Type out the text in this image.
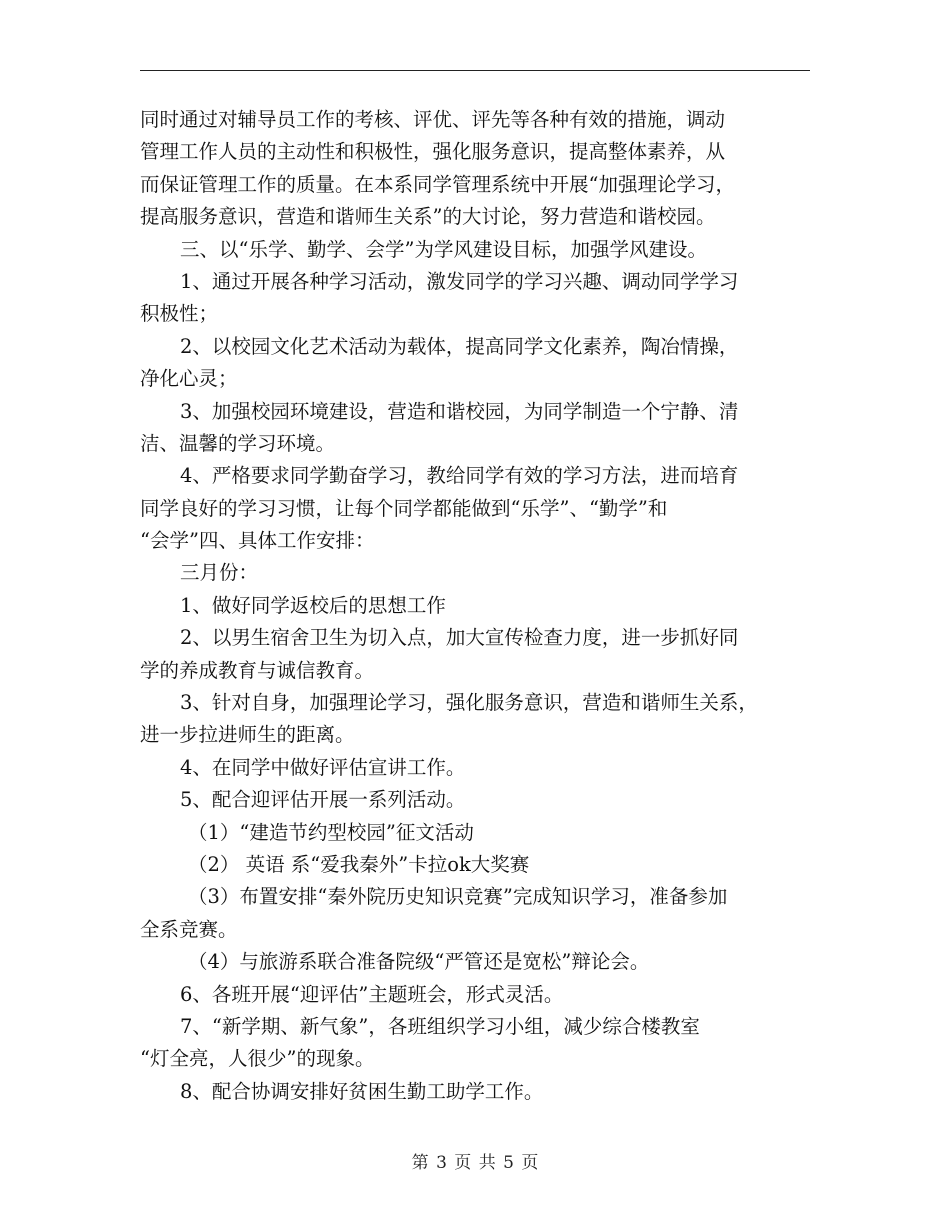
同时通过对辅导员工作的考核、评优、评先等各种有效的措施，调动
管理工作人员的主动性和积极性，强化服务意识，提高整体素养，从
而保证管理工作的质量。在本系同学管理系统中开展“加强理论学习，
提高服务意识，营造和谐师生关系”的大讨论，努力营造和谐校园。
三、以“乐学、勤学、会学”为学风建设目标，加强学风建设。
1、通过开展各种学习活动，激发同学的学习兴趣、调动同学学习
积极性；
2、以校园文化艺术活动为载体，提高同学文化素养，陶冶情操，
净化心灵；
3、加强校园环境建设，营造和谐校园，为同学制造一个宁静、清
洁、温馨的学习环境。
4、严格要求同学勤奋学习，教给同学有效的学习方法，进而培育
同学良好的学习习惯，让每个同学都能做到“乐学”、“勤学”和
“会学”四、具体工作安排：
三月份：
1、做好同学返校后的思想工作
2、以男生宿舍卫生为切入点，加大宣传检查力度，进一步抓好同
学的养成教育与诚信教育。
3、针对自身，加强理论学习，强化服务意识，营造和谐师生关系，
进一步拉进师生的距离。
4、在同学中做好评估宣讲工作。
5、配合迎评估开展一系列活动。
（1）“建造节约型校园”征文活动
（2） 英语 系“爱我秦外”卡拉ok大奖赛
（3）布置安排“秦外院历史知识竞赛”完成知识学习，准备参加
全系竞赛。
（4）与旅游系联合准备院级“严管还是宽松”辩论会。
6、各班开展“迎评估”主题班会，形式灵活。
7、“新学期、新气象”，各班组织学习小组，减少综合楼教室
“灯全亮，人很少”的现象。
8、配合协调安排好贫困生勤工助学工作。
第 3 页 共 5 页
